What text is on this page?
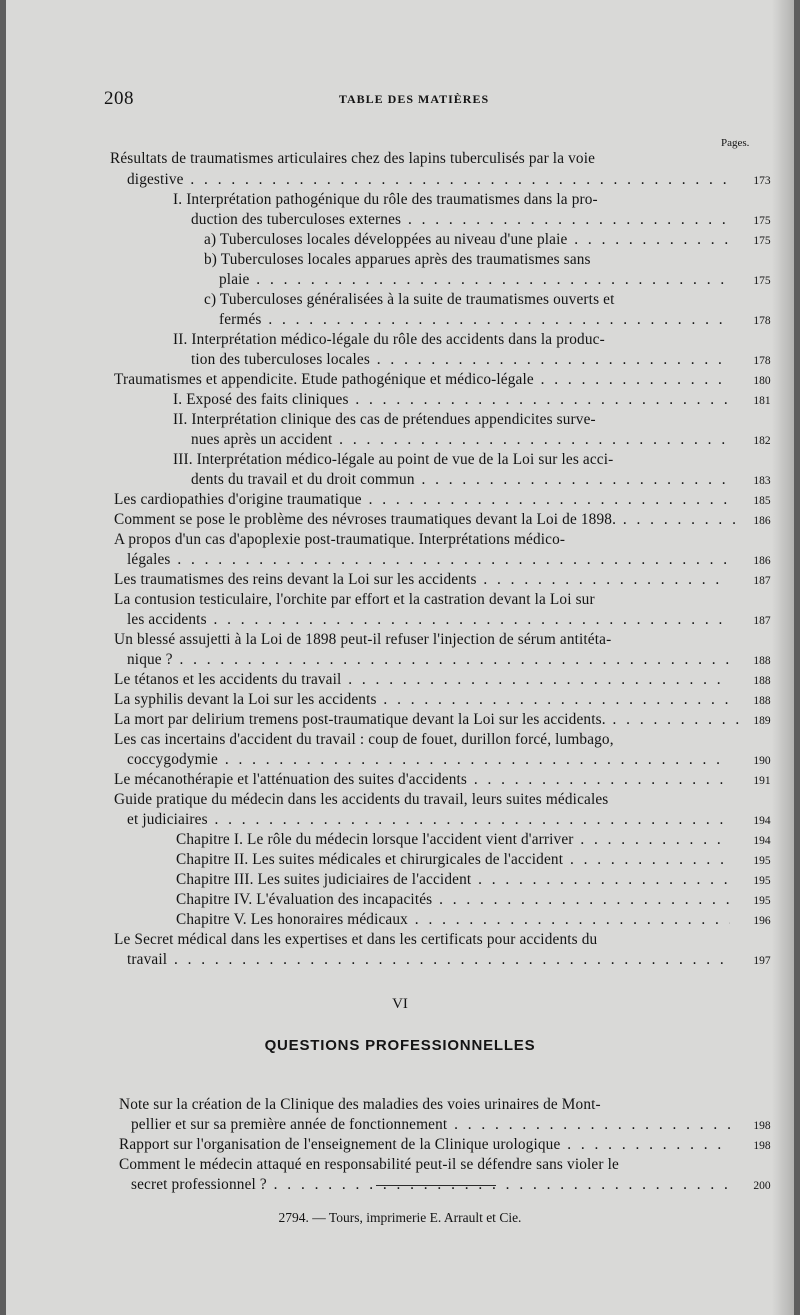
208	TABLE DES MATIÈRES
Pages.
Résultats de traumatismes articulaires chez des lapins tuberculisés par la voie
digestive . . .	173
I. Interprétation pathogénique du rôle des traumatismes dans la pro-
duction des tuberculoses externes . . .	175
a) Tuberculoses locales développées au niveau d'une plaie . . .	175
b) Tuberculoses locales apparues après des traumatismes sans
plaie . . .	175
c) Tuberculoses généralisées à la suite de traumatismes ouverts et
fermés . . .	178
II. Interprétation médico-légale du rôle des accidents dans la produc-
tion des tuberculoses locales . . .	178
Traumatismes et appendicite. Etude pathogénique et médico-légale . . .	180
I. Exposé des faits cliniques . . .	181
II. Interprétation clinique des cas de prétendues appendicites surve-
nues après un accident . . .	182
III. Interprétation médico-légale au point de vue de la Loi sur les acci-
dents du travail et du droit commun . . .	183
Les cardiopathies d'origine traumatique . . .	185
Comment se pose le problème des névroses traumatiques devant la Loi de 1898. . . .	186
A propos d'un cas d'apoplexie post-traumatique. Interprétations médico-
légales . . .	186
Les traumatismes des reins devant la Loi sur les accidents . . .	187
La contusion testiculaire, l'orchite par effort et la castration devant la Loi sur
les accidents . . .	187
Un blessé assujetti à la Loi de 1898 peut-il refuser l'injection de sérum antitéta-
nique ? . . .	188
Le tétanos et les accidents du travail . . .	188
La syphilis devant la Loi sur les accidents . . .	188
La mort par delirium tremens post-traumatique devant la Loi sur les accidents. . . .	189
Les cas incertains d'accident du travail : coup de fouet, durillon forcé, lumbago,
coccygodymie . . .	190
Le mécanothérapie et l'atténuation des suites d'accidents . . .	191
Guide pratique du médecin dans les accidents du travail, leurs suites médicales
et judiciaires . . .	194
Chapitre I. Le rôle du médecin lorsque l'accident vient d'arriver . . .	194
Chapitre II. Les suites médicales et chirurgicales de l'accident . . .	195
Chapitre III. Les suites judiciaires de l'accident . . .	195
Chapitre IV. L'évaluation des incapacités . . .	195
Chapitre V. Les honoraires médicaux . . .	196
Le Secret médical dans les expertises et dans les certificats pour accidents du
travail . . .	197
Note sur la création de la Clinique des maladies des voies urinaires de Mont-
pellier et sur sa première année de fonctionnement . . .	198
Rapport sur l'organisation de l'enseignement de la Clinique urologique . . .	198
Comment le médecin attaqué en responsabilité peut-il se défendre sans violer le
secret professionnel ? . . .	200
VI
QUESTIONS PROFESSIONNELLES
2794. — Tours, imprimerie E. Arrault et Cie.
